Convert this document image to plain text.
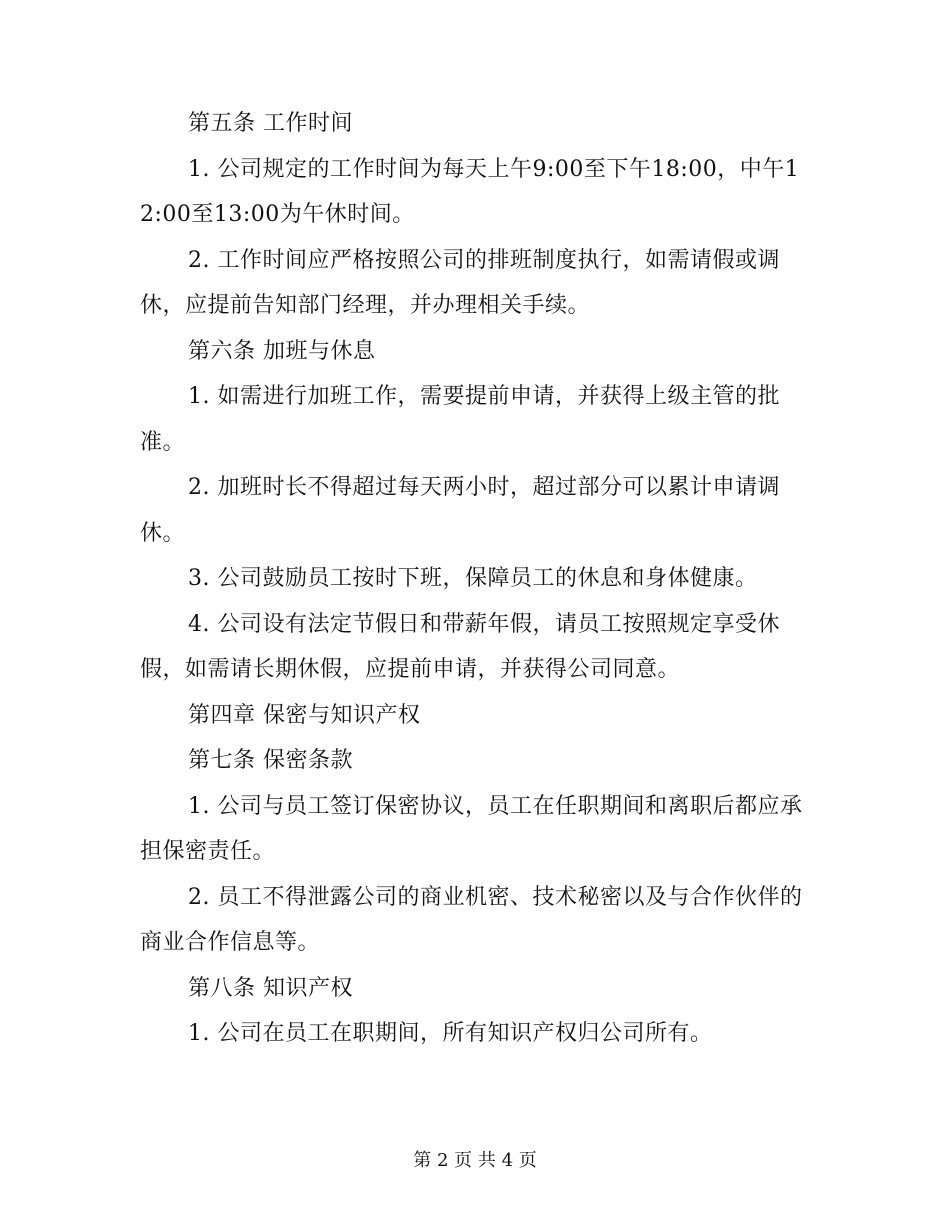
第五条 工作时间

1. 公司规定的工作时间为每天上午9:00至下午18:00，中午12:00至13:00为午休时间。

2. 工作时间应严格按照公司的排班制度执行，如需请假或调休，应提前告知部门经理，并办理相关手续。

第六条 加班与休息

1. 如需进行加班工作，需要提前申请，并获得上级主管的批准。

2. 加班时长不得超过每天两小时，超过部分可以累计申请调休。

3. 公司鼓励员工按时下班，保障员工的休息和身体健康。

4. 公司设有法定节假日和带薪年假，请员工按照规定享受休假，如需请长期休假，应提前申请，并获得公司同意。

第四章 保密与知识产权

第七条 保密条款

1. 公司与员工签订保密协议，员工在任职期间和离职后都应承担保密责任。

2. 员工不得泄露公司的商业机密、技术秘密以及与合作伙伴的商业合作信息等。

第八条 知识产权

1. 公司在员工在职期间，所有知识产权归公司所有。

第 2 页 共 4 页
